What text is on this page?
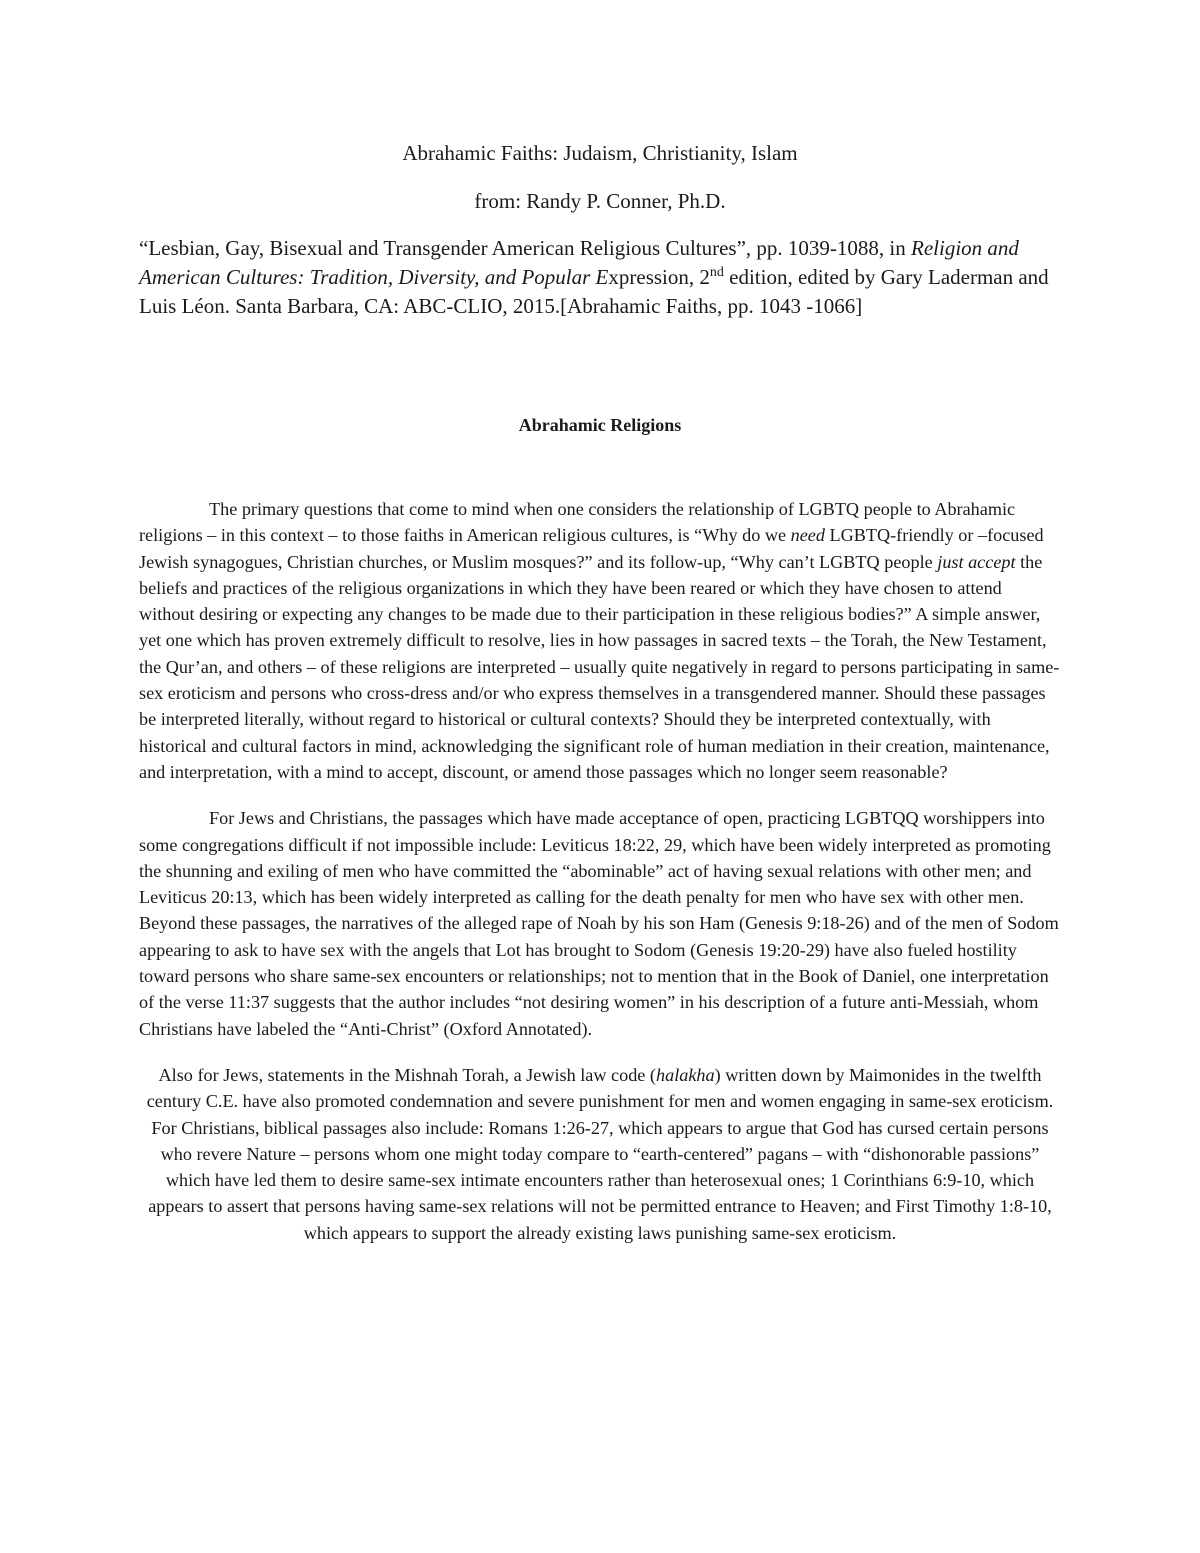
Abrahamic Faiths: Judaism, Christianity, Islam

from: Randy P. Conner, Ph.D.

“Lesbian, Gay, Bisexual and Transgender American Religious Cultures”, pp. 1039-1088, in Religion and American Cultures: Tradition, Diversity, and Popular Expression, 2nd edition, edited by Gary Laderman and Luis Léon. Santa Barbara, CA: ABC-CLIO, 2015.[Abrahamic Faiths, pp. 1043 -1066]

Abrahamic Religions

The primary questions that come to mind when one considers the relationship of LGBTQ people to Abrahamic religions – in this context – to those faiths in American religious cultures, is “Why do we need LGBTQ-friendly or –focused Jewish synagogues, Christian churches, or Muslim mosques?” and its follow-up, “Why can’t LGBTQ people just accept the beliefs and practices of the religious organizations in which they have been reared or which they have chosen to attend without desiring or expecting any changes to be made due to their participation in these religious bodies?” A simple answer, yet one which has proven extremely difficult to resolve, lies in how passages in sacred texts – the Torah, the New Testament, the Qur’an, and others – of these religions are interpreted – usually quite negatively in regard to persons participating in same-sex eroticism and persons who cross-dress and/or who express themselves in a transgendered manner. Should these passages be interpreted literally, without regard to historical or cultural contexts? Should they be interpreted contextually, with historical and cultural factors in mind, acknowledging the significant role of human mediation in their creation, maintenance, and interpretation, with a mind to accept, discount, or amend those passages which no longer seem reasonable?

For Jews and Christians, the passages which have made acceptance of open, practicing LGBTQQ worshippers into some congregations difficult if not impossible include: Leviticus 18:22, 29, which have been widely interpreted as promoting the shunning and exiling of men who have committed the “abominable” act of having sexual relations with other men; and Leviticus 20:13, which has been widely interpreted as calling for the death penalty for men who have sex with other men. Beyond these passages, the narratives of the alleged rape of Noah by his son Ham (Genesis 9:18-26) and of the men of Sodom appearing to ask to have sex with the angels that Lot has brought to Sodom (Genesis 19:20-29) have also fueled hostility toward persons who share same-sex encounters or relationships; not to mention that in the Book of Daniel, one interpretation of the verse 11:37 suggests that the author includes “not desiring women” in his description of a future anti-Messiah, whom Christians have labeled the “Anti-Christ” (Oxford Annotated).

Also for Jews, statements in the Mishnah Torah, a Jewish law code (halakha) written down by Maimonides in the twelfth century C.E. have also promoted condemnation and severe punishment for men and women engaging in same-sex eroticism. For Christians, biblical passages also include: Romans 1:26-27, which appears to argue that God has cursed certain persons who revere Nature – persons whom one might today compare to “earth-centered” pagans – with “dishonorable passions” which have led them to desire same-sex intimate encounters rather than heterosexual ones; 1 Corinthians 6:9-10, which appears to assert that persons having same-sex relations will not be permitted entrance to Heaven; and First Timothy 1:8-10, which appears to support the already existing laws punishing same-sex eroticism.
